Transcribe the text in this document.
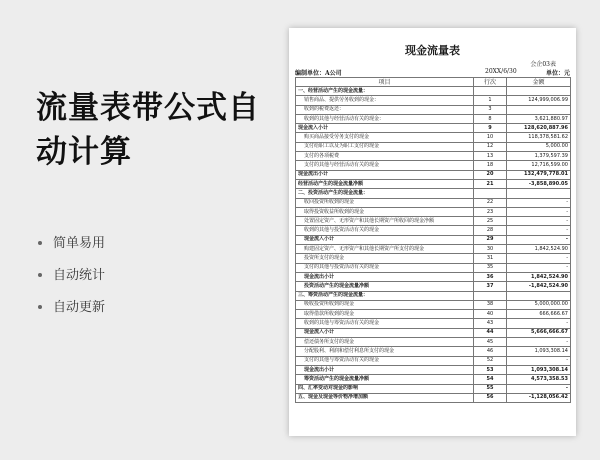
流量表带公式自动计算
简单易用
自动统计
自动更新
现金流量表
会企03表
编制单位：A公司	20XX/6/30	单位：元
项目	行次	金额
一、经营活动产生的现金流量：		
销售商品、提供劳务收到的现金：	1	124,999,006.99
收到的税费返还：	3	
收到的其他与经营活动有关的现金：	8	3,621,880.97
现金流入小计	9	128,620,887.96
购买商品接受劳务支付的现金	10	118,378,581.62
支付给职工以及为职工支付的现金	12	5,000.00
支付的各项税费	13	1,379,597.39
支付的其他与经营活动有关的现金	18	12,716,599.00
现金流出小计	20	132,479,778.01
经营活动产生的现金流量净额	21	-3,858,890.05
二、投资活动产生的现金流量：		
收回投资所收到的现金	22	-
取得投资收益所收到的现金	23	-
处置固定资产、无形资产和其他长期资产所收回的现金净额	25	-
收到的其他与投资活动有关的现金	28	-
现金流入小计	29	-
购建固定资产、无形资产和其他长期资产所支付的现金	30	1,842,524.90
投资所支付的现金	31	-
支付的其他与投资活动有关的现金	35	-
现金流出小计	36	1,842,524.90
投资活动产生的现金流量净额	37	-1,842,524.90
三、筹资活动产生的现金流量：		
吸收投资所收到的现金	38	5,000,000.00
取得借款所收到的现金	40	666,666.67
收到的其他与筹资活动有关的现金	43	-
现金流入小计	44	5,666,666.67
偿还债务所支付的现金	45	-
分配股利、利润和偿付利息所支付的现金	46	1,093,308.14
支付的其他与筹资活动有关的现金	52	-
现金流出小计	53	1,093,308.14
筹资活动产生的现金流量净额	54	4,573,358.53
四、汇率变动对现金的影响	55	-
五、现金及现金等价物净增加额	56	-1,128,056.42
